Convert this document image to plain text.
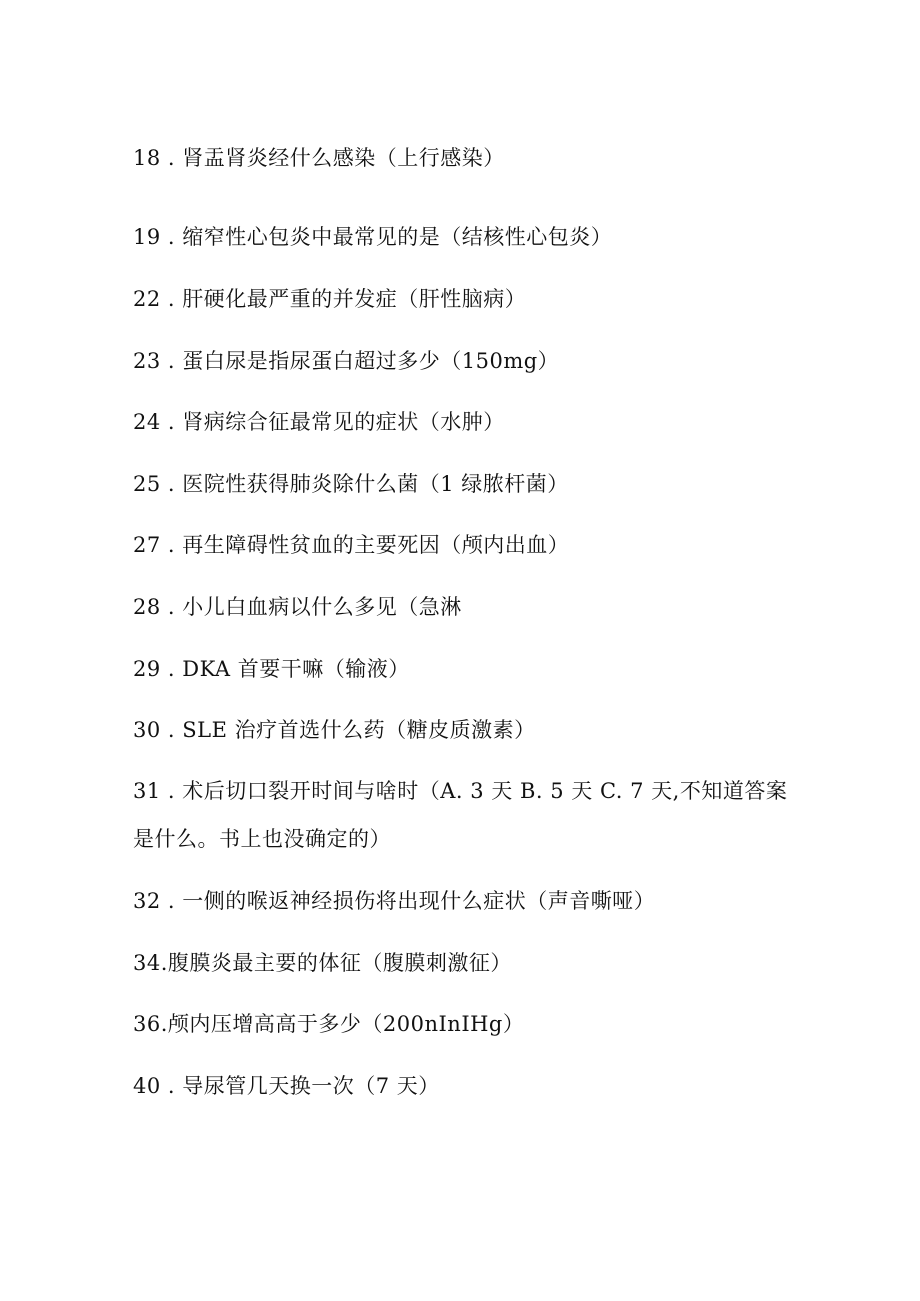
18 . 肾盂肾炎经什么感染（上行感染）
19 . 缩窄性心包炎中最常见的是（结核性心包炎）
22 . 肝硬化最严重的并发症（肝性脑病）
23 . 蛋白尿是指尿蛋白超过多少（150mg）
24 . 肾病综合征最常见的症状（水肿）
25 . 医院性获得肺炎除什么菌（1 绿脓杆菌）
27 . 再生障碍性贫血的主要死因（颅内出血）
28 . 小儿白血病以什么多见（急淋
29 . DKA 首要干嘛（输液）
30 . SLE 治疗首选什么药（糖皮质激素）
31 . 术后切口裂开时间与啥时（A. 3 天 B. 5 天 C. 7 天,不知道答案是什么。书上也没确定的）
32 . 一侧的喉返神经损伤将出现什么症状（声音嘶哑）
34.腹膜炎最主要的体征（腹膜刺激征）
36.颅内压增高高于多少（200nInIHg）
40 . 导尿管几天换一次（7 天）
